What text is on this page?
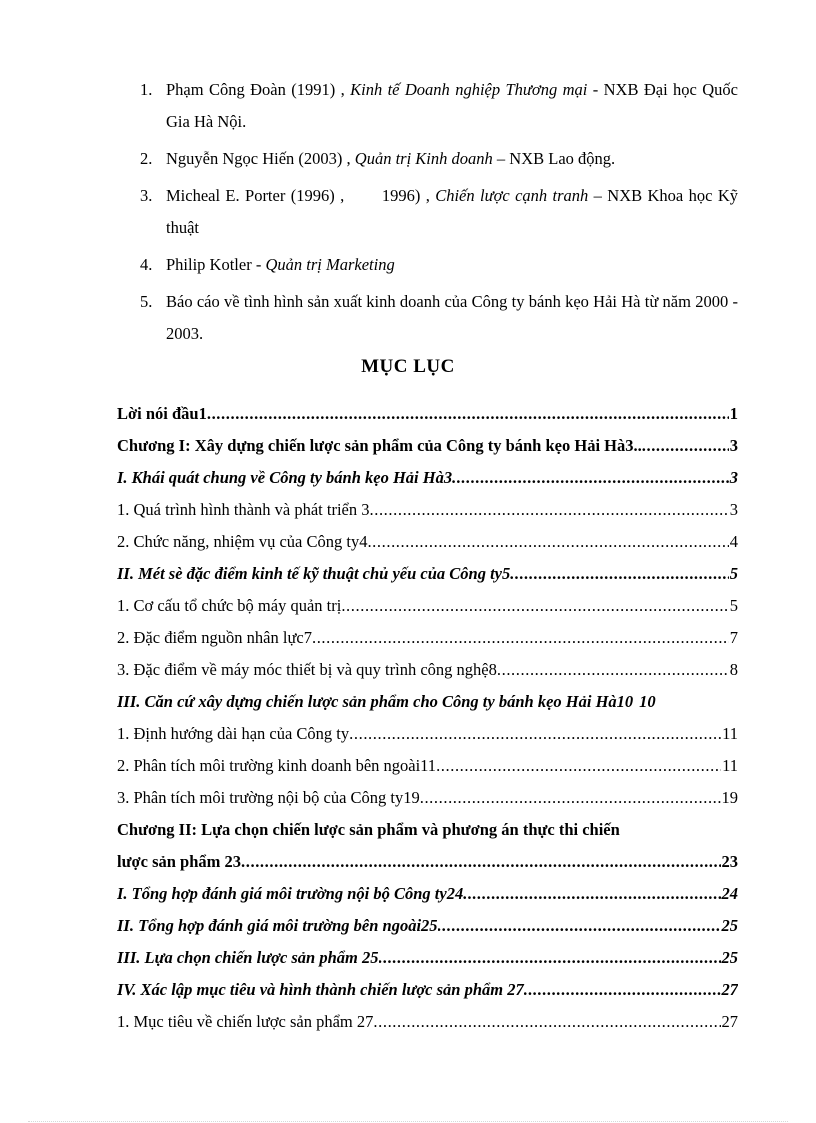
1. Phạm Công Đoàn (1991) , Kinh tế Doanh nghiệp Thương mại - NXB Đại học Quốc Gia Hà Nội.
2. Nguyễn Ngọc Hiến (2003) , Quản trị Kinh doanh – NXB Lao động.
3. Micheal E. Porter (1996) ,       1996) , Chiến lược cạnh tranh – NXB Khoa học Kỹ thuật
4. Philip Kotler - Quản trị Marketing
5. Báo cáo về tình hình sản xuất kinh doanh của Công ty bánh kẹo Hải Hà từ năm 2000 - 2003.
MỤC LỤC
Lời nói đầu1 .....	1
Chương I: Xây dựng chiến lược sản phẩm của Công ty bánh kẹo Hải Hà3.. .....	3
I. Khái quát chung về Công ty bánh kẹo Hải Hà3 .....	3
1. Quá trình hình thành và phát triển 3 .....	3
2. Chức năng, nhiệm vụ của Công ty4 .....	4
II. Mét sè đặc điểm kinh tế kỹ thuật chủ yếu của Công ty5 .....	5
1. Cơ cấu tổ chức bộ máy quản trị .....	5
2. Đặc điểm nguồn nhân lực7 .....	7
3. Đặc điểm về máy móc thiết bị và quy trình công nghệ8 .....	8
III. Căn cứ xây dựng chiến lược sản phẩm cho Công ty bánh kẹo Hải Hà10 10
1. Định hướng dài hạn của Công ty .....	11
2. Phân tích môi trường kinh doanh bên ngoài11 .....	11
3. Phân tích môi trường nội bộ của Công ty19 .....	19
Chương II: Lựa chọn chiến lược sản phẩm và phương án thực thi chiến
lược sản phẩm 23 .....	23
I. Tổng hợp đánh giá môi trường nội bộ Công ty24 .....	24
II. Tổng hợp đánh giá môi trường bên ngoài25 .....	25
III. Lựa chọn chiến lược sản phẩm 25 .....	25
IV. Xác lập mục tiêu và hình thành chiến lược sản phẩm 27 .....	27
1. Mục tiêu về chiến lược sản phẩm 27 .....	27
